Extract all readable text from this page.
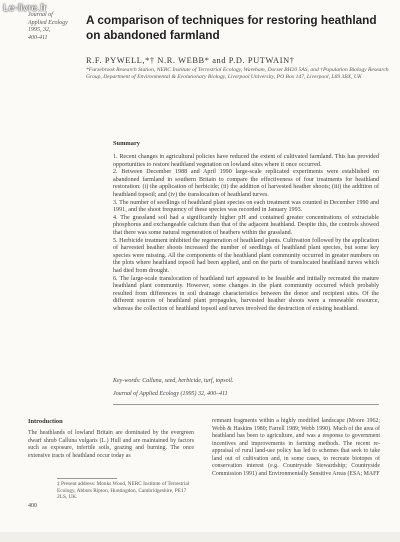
Le-livre.fr
Journal of
Applied Ecology
1995, 32,
400-411
A comparison of techniques for restoring heathland on abandoned farmland
R.F. PYWELL,*† N.R. WEBB* and P.D. PUTWAIN†
*Furzebrook Research Station, NERC Institute of Terrestrial Ecology, Wareham, Dorset BH20 5AS, and †Population Biology Research Group, Department of Environmental & Evolutionary Biology, Liverpool University, PO Box 147, Liverpool, L69 3BX, UK
Summary

1. Recent changes in agricultural policies have reduced the extent of cultivated farmland. This has provided opportunities to restore heathland vegetation on lowland sites where it once occurred.

2. Between December 1988 and April 1990 large-scale replicated experiments were established on abandoned farmland in southern Britain to compare the effectiveness of four treatments for heathland restoration: (i) the application of herbicide; (ii) the addition of harvested heather shoots; (iii) the addition of heathland topsoil; and (iv) the translocation of heathland turves.

3. The number of seedlings of heathland plant species on each treatment was counted in December 1990 and 1991, and the shoot frequency of these species was recorded in January 1993.

4. The grassland soil had a significantly higher pH and contained greater concentrations of extractable phosphorus and exchangeable calcium than that of the adjacent heathland. Despite this, the controls showed that there was some natural regeneration of heathers within the grassland.

5. Herbicide treatment inhibited the regeneration of heathland plants. Cultivation followed by the application of harvested heather shoots increased the number of seedlings of heathland plant species, but some key species were missing. All the components of the heathland plant community occurred in greater numbers on the plots where heathland topsoil had been applied, and on the parts of translocated heathland turves which had died from drought.

6. The large-scale translocation of heathland turf appeared to be feasible and initially recreated the mature heathland plant community. However, some changes in the plant community occurred which probably resulted from differences in soil drainage characteristics between the donor and recipient sites. Of the different sources of heathland plant propagules, harvested heather shoots were a renewable resource, whereas the collection of heathland topsoil and turves involved the destruction of existing heathland.

Key-words: Calluna, seed, herbicide, turf, topsoil.
Journal of Applied Ecology (1995) 32, 400–411
Introduction
The heathlands of lowland Britain are dominated by the evergreen dwarf shrub Calluna vulgaris (L.) Hull and are maintained by factors such as exposure, infertile soils, grazing and burning. The once extensive tracts of heathland occur today as
remnant fragments within a highly modified landscape (Moore 1962; Webb & Haskins 1980; Farrell 1989; Webb 1990). Much of the area of heathland has been to agriculture, and was a response to government incentives and improvements in farming methods. The recent re-appraisal of rural land-use policy has led to schemes that seek to take land out of cultivation and, in some cases, to recreate biotopes of conservation interest (e.g. Countryside Stewardship; Countryside Commission 1991) and Environmentally Sensitive Areas (ESA; MAFF
‡ Present address: Monks Wood, NERC Institute of Terrestrial Ecology, Abbots Ripton, Huntingdon, Cambridgeshire, PE17 2LS, UK.
400
